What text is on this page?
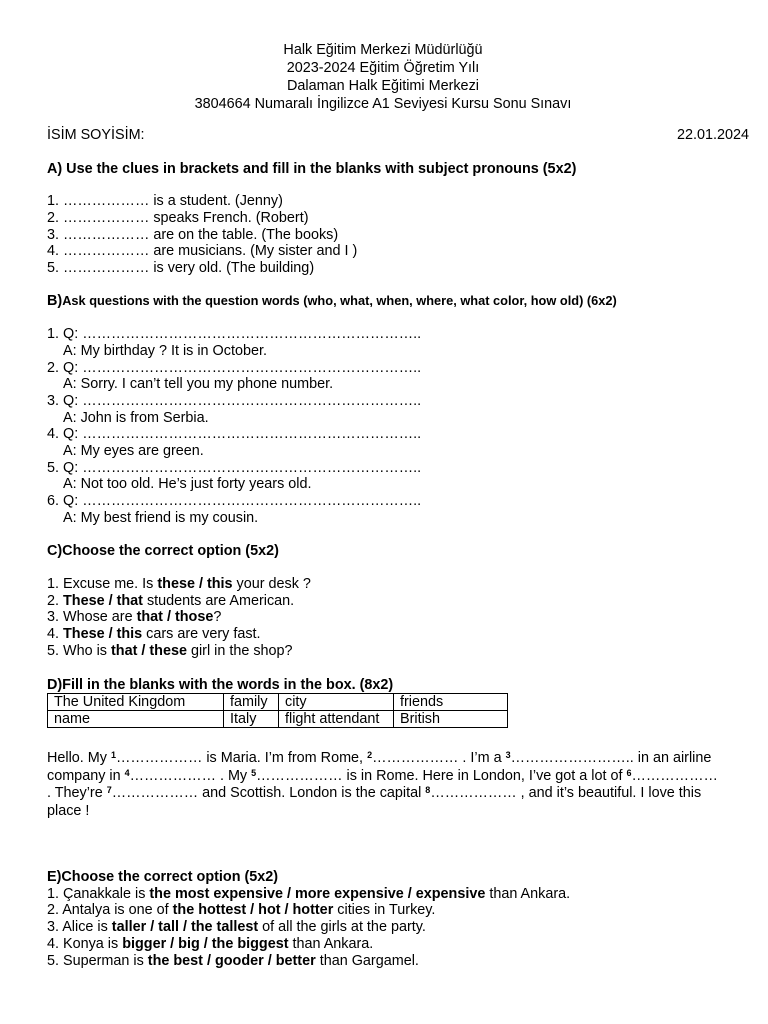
Halk Eğitim Merkezi Müdürlüğü
2023-2024 Eğitim Öğretim Yılı
Dalaman Halk Eğitimi Merkezi
3804664 Numaralı İngilizce A1 Seviyesi Kursu Sonu Sınavı
İSİM SOYİSİM:	22.01.2024
A) Use the clues in brackets and fill in the blanks with subject pronouns (5x2)
1. ……………… is a student. (Jenny)
2. ……………… speaks French. (Robert)
3. ……………… are on the table. (The books)
4. ……………… are musicians. (My sister and I )
5. ……………… is very old. (The building)
B)Ask questions with the question words (who, what, when, where, what color, how old) (6x2)
1. Q: ……………………………………………………………..
A: My birthday ? It is in October.
2. Q: ……………………………………………………………..
A: Sorry. I can’t tell you my phone number.
3. Q: ……………………………………………………………..
A: John is from Serbia.
4. Q: ……………………………………………………………..
A: My eyes are green.
5. Q: ……………………………………………………………..
A: Not too old. He’s just forty years old.
6. Q: ……………………………………………………………..
A: My best friend is my cousin.
C)Choose the correct option (5x2)
1. Excuse me. Is these / this your desk ?
2. These / that students are American.
3. Whose are that / those?
4. These / this cars are very fast.
5. Who is that / these girl in the shop?
D)Fill in the blanks with the words in the box. (8x2)
The United Kingdom	family	city	friends
name	Italy	flight attendant	British
Hello. My $^1$……………… is Maria. I’m from Rome, $^2$……………… . I’m a $^3$…………………….. in an airline company in $^4$……………… . My $^5$……………… is in Rome. Here in London, I’ve got a lot of $^6$……………… . They’re $^7$……………… and Scottish. London is the capital $^8$……………… , and it’s beautiful. I love this place !
E)Choose the correct option (5x2)
1. Çanakkale is the most expensive / more expensive / expensive than Ankara.
2. Antalya is one of the hottest / hot / hotter cities in Turkey.
3. Alice is taller / tall / the tallest of all the girls at the party.
4. Konya is bigger / big / the biggest than Ankara.
5. Superman is the best / gooder / better than Gargamel.
